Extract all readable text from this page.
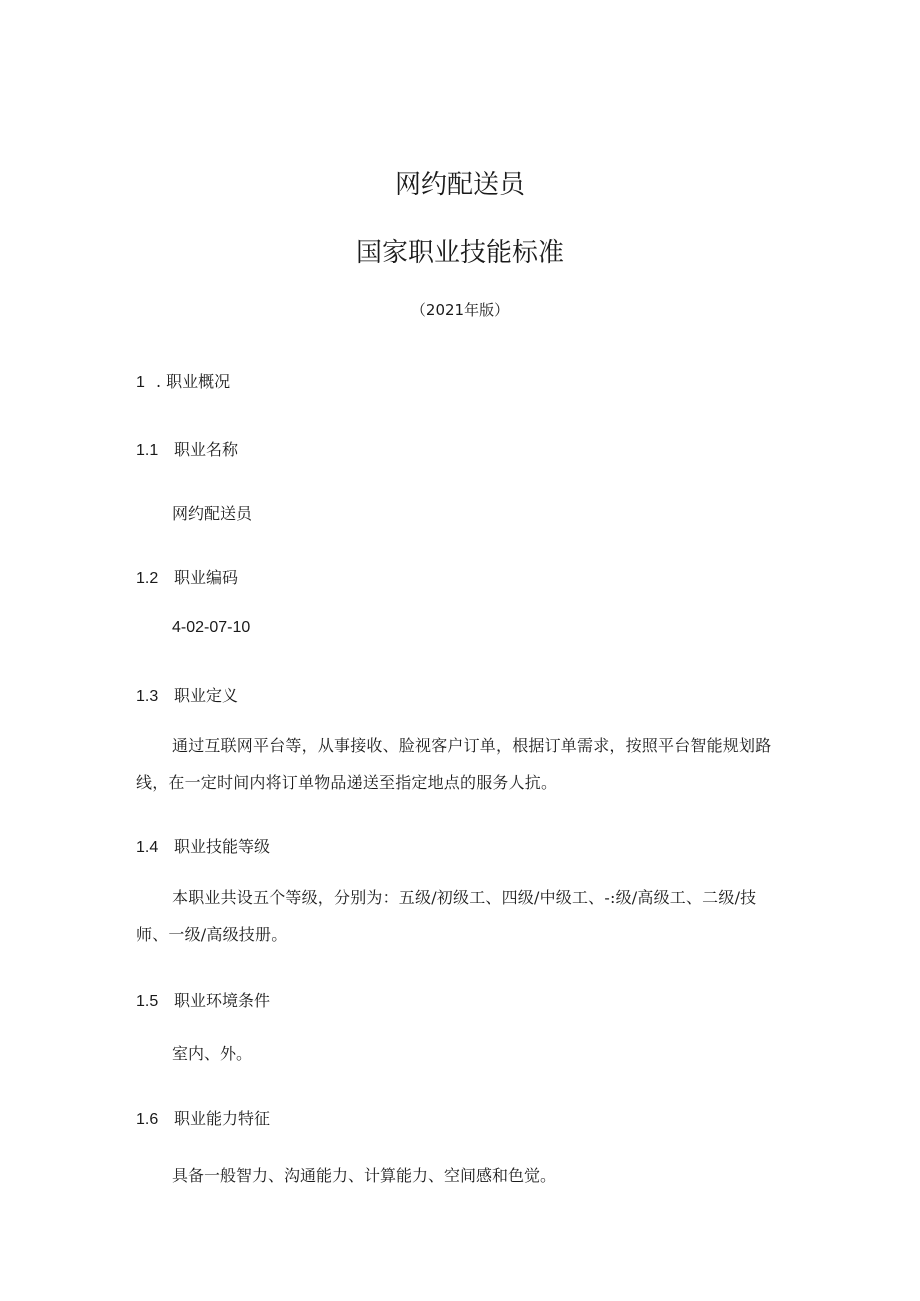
网约配送员
国家职业技能标准
（2021年版）
1 . 职业概况
1.1 职业名称
网约配送员
1.2 职业编码
4-02-07-10
1.3 职业定义
通过互联网平台等，从事接收、脸视客户订单，根据订单需求，按照平台智能规划路线，在一定时间内将订单物品递送至指定地点的服务人抗。
1.4 职业技能等级
本职业共设五个等级，分别为：五级/初级工、四级/中级工、-:级/高级工、二级/技师、一级/高级技册。
1.5 职业环境条件
室内、外。
1.6 职业能力特征
具备一般智力、沟通能力、计算能力、空间感和色觉。
